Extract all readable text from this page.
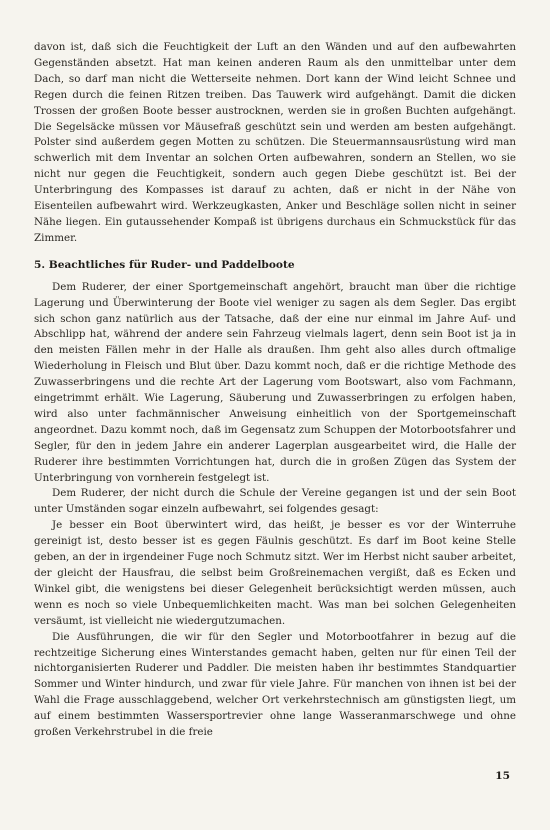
davon ist, daß sich die Feuchtigkeit der Luft an den Wänden und auf den aufbewahrten Gegenständen absetzt. Hat man keinen anderen Raum als den unmittelbar unter dem Dach, so darf man nicht die Wetterseite nehmen. Dort kann der Wind leicht Schnee und Regen durch die feinen Ritzen treiben. Das Tauwerk wird aufgehängt. Damit die dicken Trossen der großen Boote besser austrocknen, werden sie in großen Buchten aufgehängt. Die Segelsäcke müssen vor Mäusefraß geschützt sein und werden am besten aufgehängt. Polster sind außerdem gegen Motten zu schützen. Die Steuermannsausrüstung wird man schwerlich mit dem Inventar an solchen Orten aufbewahren, sondern an Stellen, wo sie nicht nur gegen die Feuchtigkeit, sondern auch gegen Diebe geschützt ist. Bei der Unterbringung des Kompasses ist darauf zu achten, daß er nicht in der Nähe von Eisenteilen aufbewahrt wird. Werkzeugkasten, Anker und Beschläge sollen nicht in seiner Nähe liegen. Ein gutaussehender Kompaß ist übrigens durchaus ein Schmuckstück für das Zimmer.

5. Beachtliches für Ruder- und Paddelboote

Dem Ruderer, der einer Sportgemeinschaft angehört, braucht man über die richtige Lagerung und Überwinterung der Boote viel weniger zu sagen als dem Segler. Das ergibt sich schon ganz natürlich aus der Tatsache, daß der eine nur einmal im Jahre Auf- und Abschlipp hat, während der andere sein Fahrzeug vielmals lagert, denn sein Boot ist ja in den meisten Fällen mehr in der Halle als draußen. Ihm geht also alles durch oftmalige Wiederholung in Fleisch und Blut über. Dazu kommt noch, daß er die richtige Methode des Zuwasserbringens und die rechte Art der Lagerung vom Bootswart, also vom Fachmann, eingetrimmt erhält. Wie Lagerung, Säuberung und Zuwasserbringen zu erfolgen haben, wird also unter fachmännischer Anweisung einheitlich von der Sportgemeinschaft angeordnet. Dazu kommt noch, daß im Gegensatz zum Schuppen der Motorbootsfahrer und Segler, für den in jedem Jahre ein anderer Lagerplan ausgearbeitet wird, die Halle der Ruderer ihre bestimmten Vorrichtungen hat, durch die in großen Zügen das System der Unterbringung von vornherein festgelegt ist.

Dem Ruderer, der nicht durch die Schule der Vereine gegangen ist und der sein Boot unter Umständen sogar einzeln aufbewahrt, sei folgendes gesagt:

Je besser ein Boot überwintert wird, das heißt, je besser es vor der Winterruhe gereinigt ist, desto besser ist es gegen Fäulnis geschützt. Es darf im Boot keine Stelle geben, an der in irgendeiner Fuge noch Schmutz sitzt. Wer im Herbst nicht sauber arbeitet, der gleicht der Hausfrau, die selbst beim Großreinemachen vergißt, daß es Ecken und Winkel gibt, die wenigstens bei dieser Gelegenheit berücksichtigt werden müssen, auch wenn es noch so viele Unbequemlichkeiten macht. Was man bei solchen Gelegenheiten versäumt, ist vielleicht nie wiedergutzumachen.

Die Ausführungen, die wir für den Segler und Motorbootfahrer in bezug auf die rechtzeitige Sicherung eines Winterstandes gemacht haben, gelten nur für einen Teil der nichtorganisierten Ruderer und Paddler. Die meisten haben ihr bestimmtes Standquartier Sommer und Winter hindurch, und zwar für viele Jahre. Für manchen von ihnen ist bei der Wahl die Frage ausschlaggebend, welcher Ort verkehrstechnisch am günstigsten liegt, um auf einem bestimmten Wassersportrevier ohne lange Wasseranmarschwege und ohne großen Verkehrstrubel in die freie

15
